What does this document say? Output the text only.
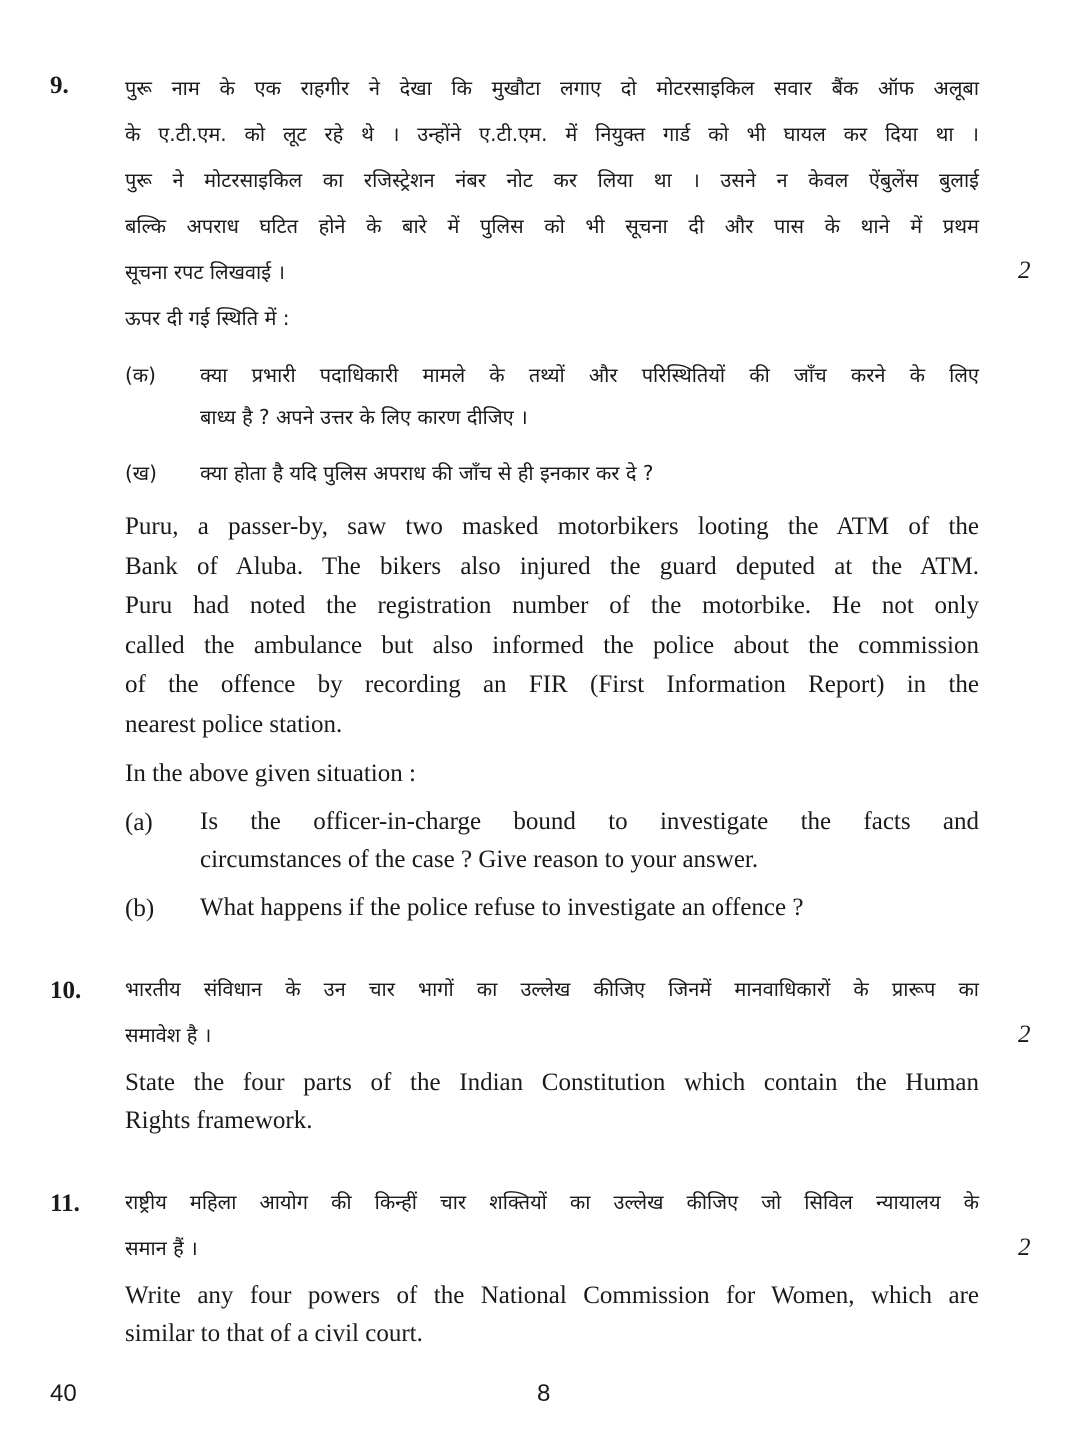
9.	पुरू नाम के एक राहगीर ने देखा कि मुखौटा लगाए दो मोटरसाइकिल सवार बैंक ऑफ अलूबा
के ए.टी.एम. को लूट रहे थे । उन्होंने ए.टी.एम. में नियुक्त गार्ड को भी घायल कर दिया था ।
पुरू ने मोटरसाइकिल का रजिस्ट्रेशन नंबर नोट कर लिया था । उसने न केवल ऐंबुलेंस बुलाई
बल्कि अपराध घटित होने के बारे में पुलिस को भी सूचना दी और पास के थाने में प्रथम
सूचना रपट लिखवाई ।	2
ऊपर दी गई स्थिति में :
(क) क्या प्रभारी पदाधिकारी मामले के तथ्यों और परिस्थितियों की जाँच करने के लिए
बाध्य है ? अपने उत्तर के लिए कारण दीजिए ।
(ख) क्या होता है यदि पुलिस अपराध की जाँच से ही इनकार कर दे ?
Puru, a passer-by, saw two masked motorbikers looting the ATM of the
Bank of Aluba. The bikers also injured the guard deputed at the ATM.
Puru had noted the registration number of the motorbike. He not only
called the ambulance but also informed the police about the commission
of the offence by recording an FIR (First Information Report) in the
nearest police station.
In the above given situation :
(a) Is the officer-in-charge bound to investigate the facts and
circumstances of the case ? Give reason to your answer.
(b) What happens if the police refuse to investigate an offence ?
10. भारतीय संविधान के उन चार भागों का उल्लेख कीजिए जिनमें मानवाधिकारों के प्रारूप का
समावेश है ।	2
State the four parts of the Indian Constitution which contain the Human
Rights framework.
11. राष्ट्रीय महिला आयोग की किन्हीं चार शक्तियों का उल्लेख कीजिए जो सिविल न्यायालय के
समान हैं ।	2
Write any four powers of the National Commission for Women, which are
similar to that of a civil court.
40	8
